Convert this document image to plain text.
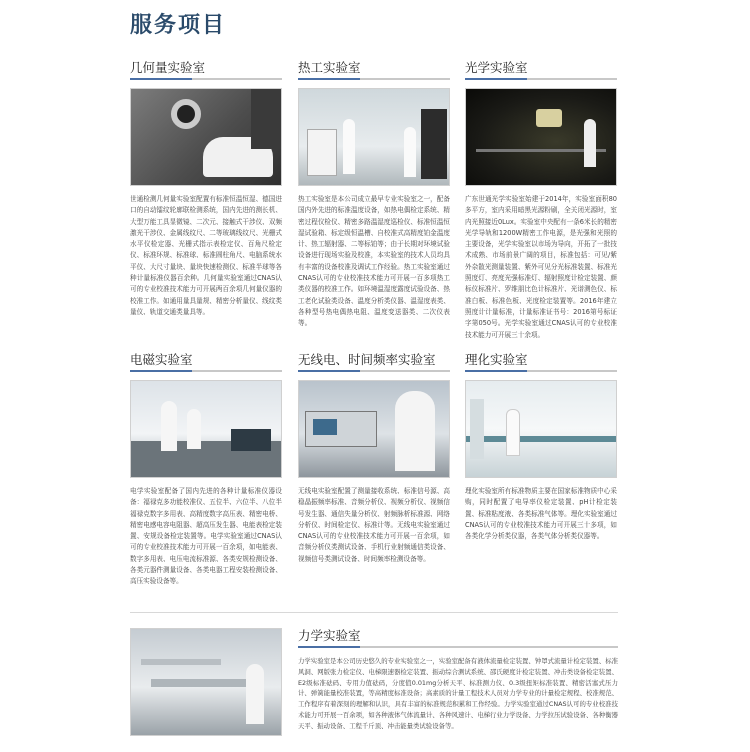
服务项目
几何量实验室
世通检测几何量实验室配置有标准恒温恒湿、德国进口的自动镭纹轮廓联检测系统，国内先进的测长机、大型万能工具显微镜、二次元、接触式干涉仪、双频激光干涉仪、金属线纹尺、二等玻璃线纹尺、光栅式水平仪检定器、光栅式指示表检定仪、百角尺检定仪、标准环规、标准球、标准圆柱角尺、电脑系统水平仪、大尺寸量块、量块快速检测仪、标准半球等各种计量标准仪器百余种。几何量实验室通过CNAS认可的专业校准技术能力可开展两百余项几何量仪器的校准工作。如通用量具量规、精密分析量仪、线纹类量仪、轨道交通类量具等。
热工实验室
热工实验室是本公司成立最早专业实验室之一，配备国内外先进的标准温度设备，如热电偶检定系统、精密过程仪检仪、精密多路温湿度巡检仪、标准恒温恒湿试验箱、标定级恒温槽、自校准式高精度铂金温度计、热工辐射器、二等标铂等；由于长期对环境试验设备进行现场实验及校准，本实验室的技术人员均具有丰富的设备校准及调试工作经验。热工实验室通过CNAS认可的专业校准技术能力可开展一百多项热工类仪器的校准工作。如环境温湿度露度试验设备、热工老化试验类设备、温度分析类仪器、温湿度表类、各种型号热电偶热电阻、温度变送器类、二次仪表等。
光学实验室
广东世通光学实验室始建于2014年，实验室面积80多平方，室内采用暗黑光源粉刷，全关闭光源时，室内光照接近0Lux。实验室中央配有一条6米长的精密光学导轨和1200W精密工作电源，是光强和光照的主要设备，光学实验室以市场为导向，开拓了一批技术成熟、市场前景广阔的项目，标准包括：可见/紫外杂散光测量装置、紫外可见分光标准装置、标准光照度灯、亮度光强标准灯、辐射照度计检定装置、颜标仪标准片、罗维朋比色计标准片、光谱测色仪、标准白板、标准色板、光度检定装置等。2016年建立照度计计量标准，计量标准证书号：2016第号标证字第050号。光学实验室通过CNAS认可的专业校准技术能力可开展三十余项。
电磁实验室
电学实验室配备了国内先进的各种计量标准仪器设备：福禄克多功能校准仪、五位半、六位半、八位半福禄克数字多用表、高精度数字高压表、精密电桥、精密电感电容电阻器、超高压发生器、电能表检定装置、安规设备检定装置等。电学实验室通过CNAS认可的专业校准技术能力可开展一百余项，如电能表、数字多用表、电压电流标准源、各类安规检测设备、各类元器件测量设备、各类电器工程安装检测设备、高压实验设备等。
无线电、时间频率实验室
无线电实验室配置了测量接收系统、标准信号源、高稳晶振频率标准、音频分析仪、视频分析仪、视频信号发生器、通信失量分析仪、射频脉析标准源、网络分析仪、时间检定仪、标准计等。无线电实验室通过CNAS认可的专业校准技术能力可开展一百余项，如音频分析仪类测试设备、手机行业射频通信类设备、视频信号类测试设备、时间频率检测设备等。
理化实验室
理化实验室所有标准物质主要在国家标准物质中心采购，同时配置了电导率仪检定装置、pH计检定装置、标准粘度液、各类标准气体等。理化实验室通过CNAS认可的专业校准技术能力可开展三十多项，如各类化学分析类仪器，各类气体分析类仪器等。
力学实验室
力学实验室是本公司历史悠久的专业实验室之一，实验室配备有液体流量检定装置、钟罩式流量计检定装置、标准风洞、网版张力检定仪、电梯限速器检定装置、振动综合测试系统、邵氏硬度计检定装置、冲击类设备检定装置、E2级标准砝码、专用力值砝码，分度值0.01mg分析天平、标准测力仪、0.3级扭矩标准装置、精密活塞式压力计、弹簧能量校准装置，等高精度标准设备；高素质的计量工程技术人员对力学专业的计量检定规程、校准规范、工作程序有着深刻的理解和认识，具有丰富的标准规范积累和工作经验。力学实验室通过CNAS认可的专业校准技术能力可开展一百余项，如各种液体气体流量计、各种风速计、电梯行业力学设备、力学拉压试验设备、各种衡器天平、振动设备、工程千斤顶、冲击能量类试验设备等。
